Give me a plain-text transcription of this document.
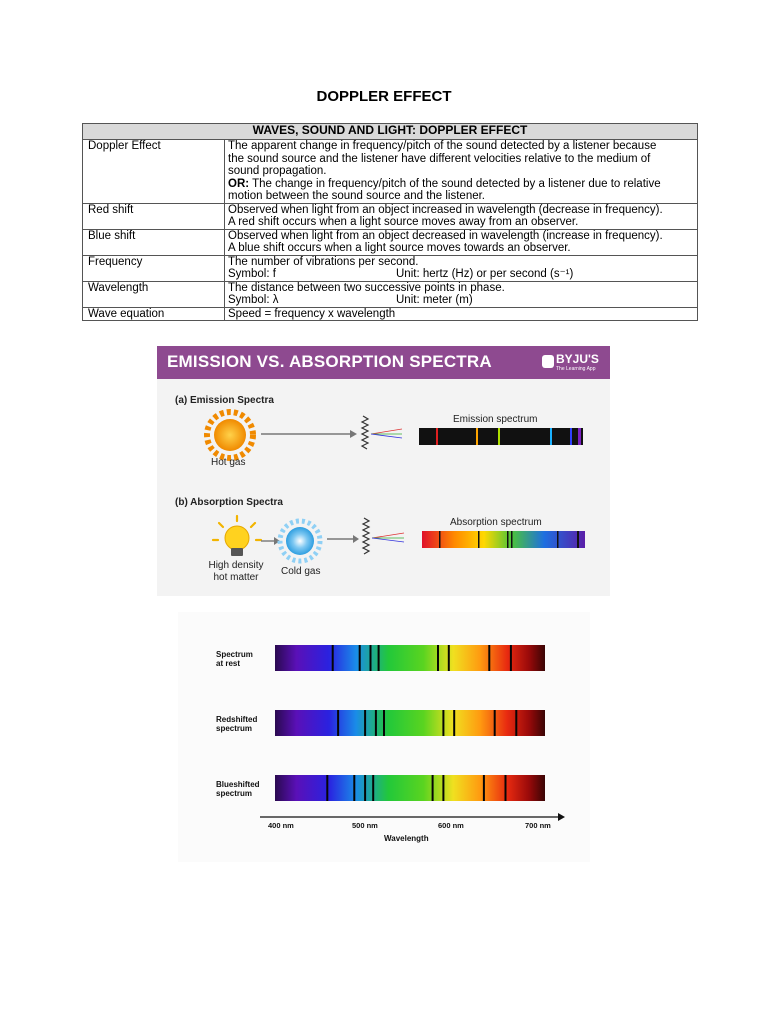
DOPPLER EFFECT
WAVES, SOUND AND LIGHT: DOPPLER EFFECT	
Doppler Effect	The apparent change in frequency/pitch of the sound detected by a listener because
the sound source and the listener have different velocities relative to the medium of
sound propagation.
OR: The change in frequency/pitch of the sound detected by a listener due to relative
motion between the sound source and the listener.

Red shift	Observed when light from an object increased in wavelength (decrease in frequency).
A red shift occurs when a light source moves away from an observer.

Blue shift	Observed when light from an object decreased in wavelength (increase in frequency).
A blue shift occurs when a light source moves towards an observer.

Frequency	The number of vibrations per second.
Symbol: f Unit: hertz (Hz) or per second (s⁻¹)

Wavelength	The distance between two successive points in phase.
Symbol: λ Unit: meter (m)

Wave equation	Speed = frequency x wavelength
EMISSION VS. ABSORPTION SPECTRA	BYJU'S
The Learning App
(a) Emission Spectra
Hot gas
Emission spectrum
(b) Absorption Spectra
Absorption spectrum
High density
hot matter
Cold gas
Spectrum
at rest
Redshifted
spectrum
Blueshifted
spectrum
400 nm	500 nm	600 nm	700 nm
Wavelength
